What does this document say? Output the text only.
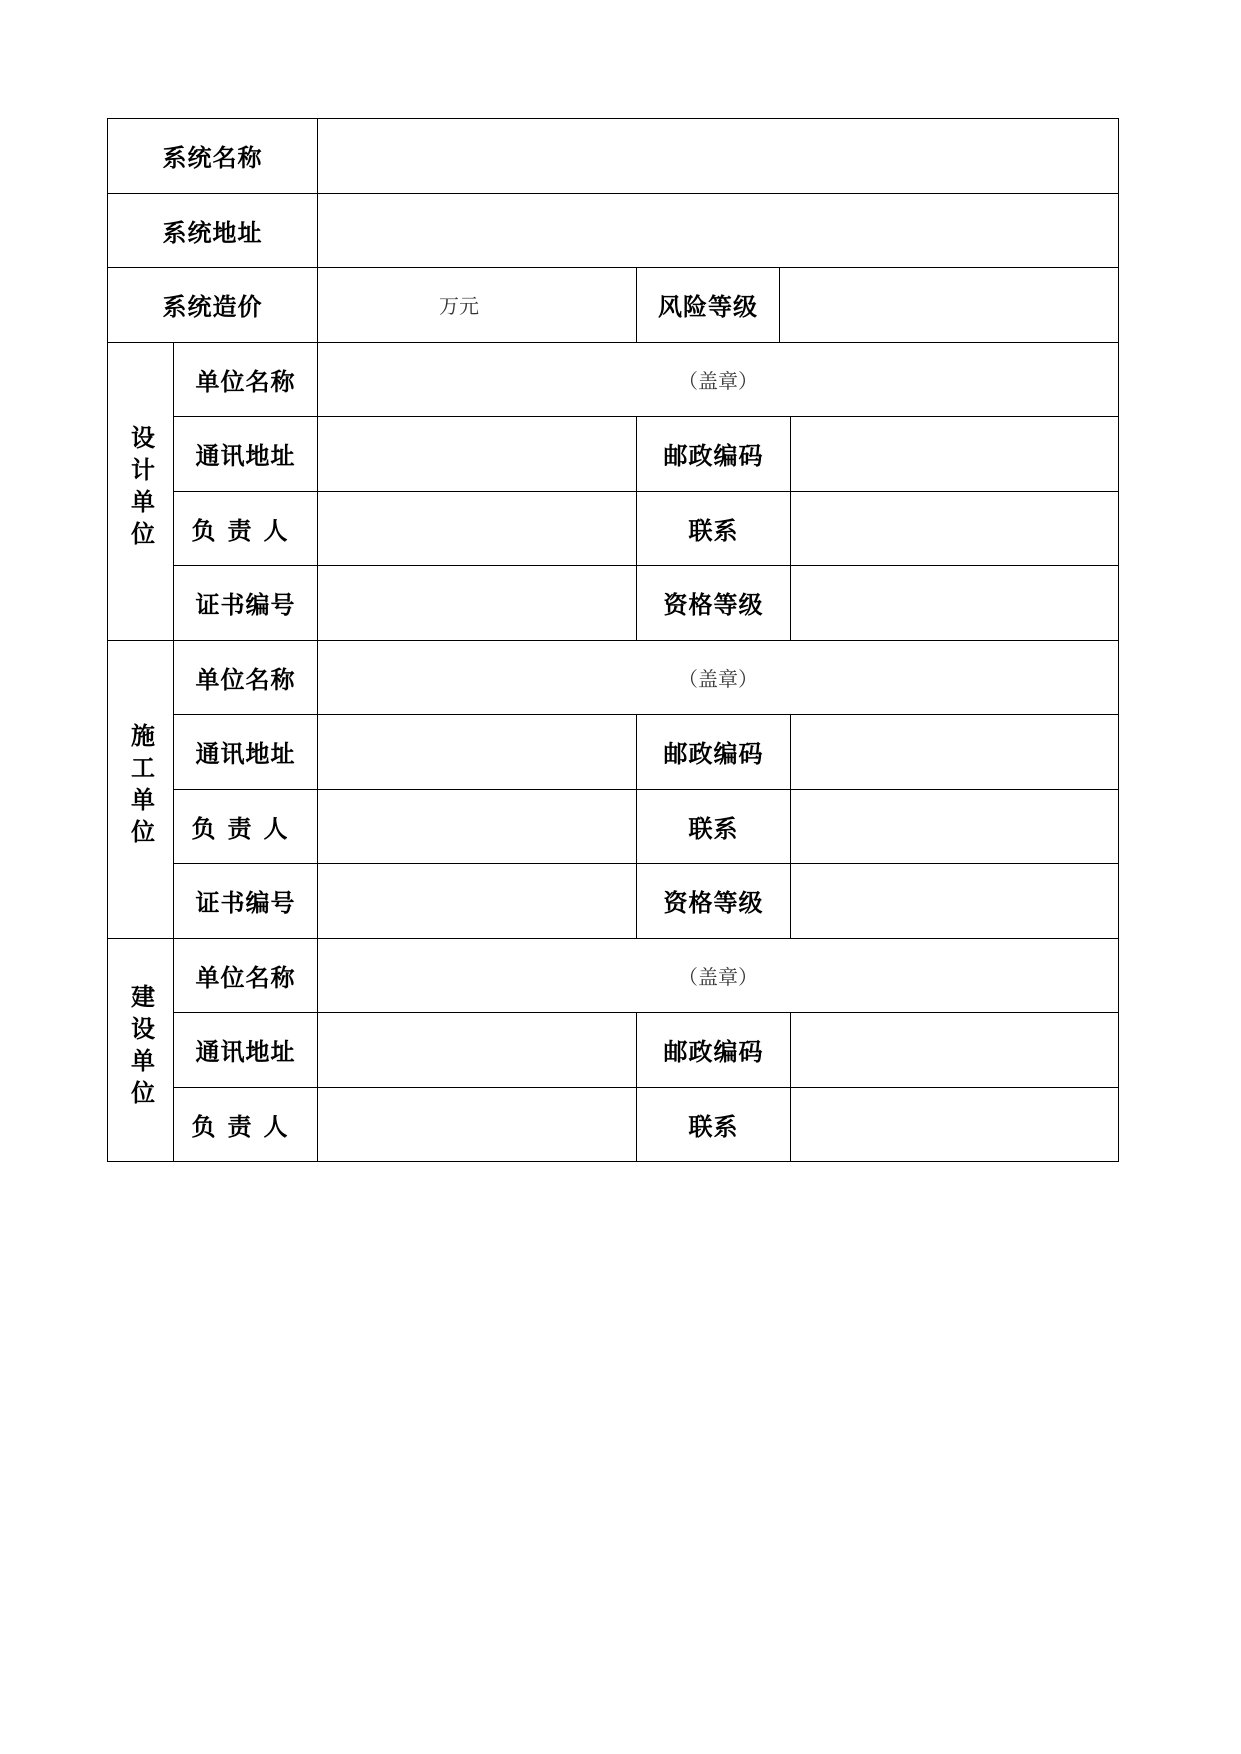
系统名称					
系统地址					
系统造价		万元	风险等级		
设计单位	单位名称	（盖章）			
	通讯地址		邮政编码		
	负责人		联系		
	证书编号		资格等级		
施工单位	单位名称	（盖章）			
	通讯地址		邮政编码		
	负责人		联系		
	证书编号		资格等级		
建设单位	单位名称	（盖章）			
	通讯地址		邮政编码		
	负责人		联系		
